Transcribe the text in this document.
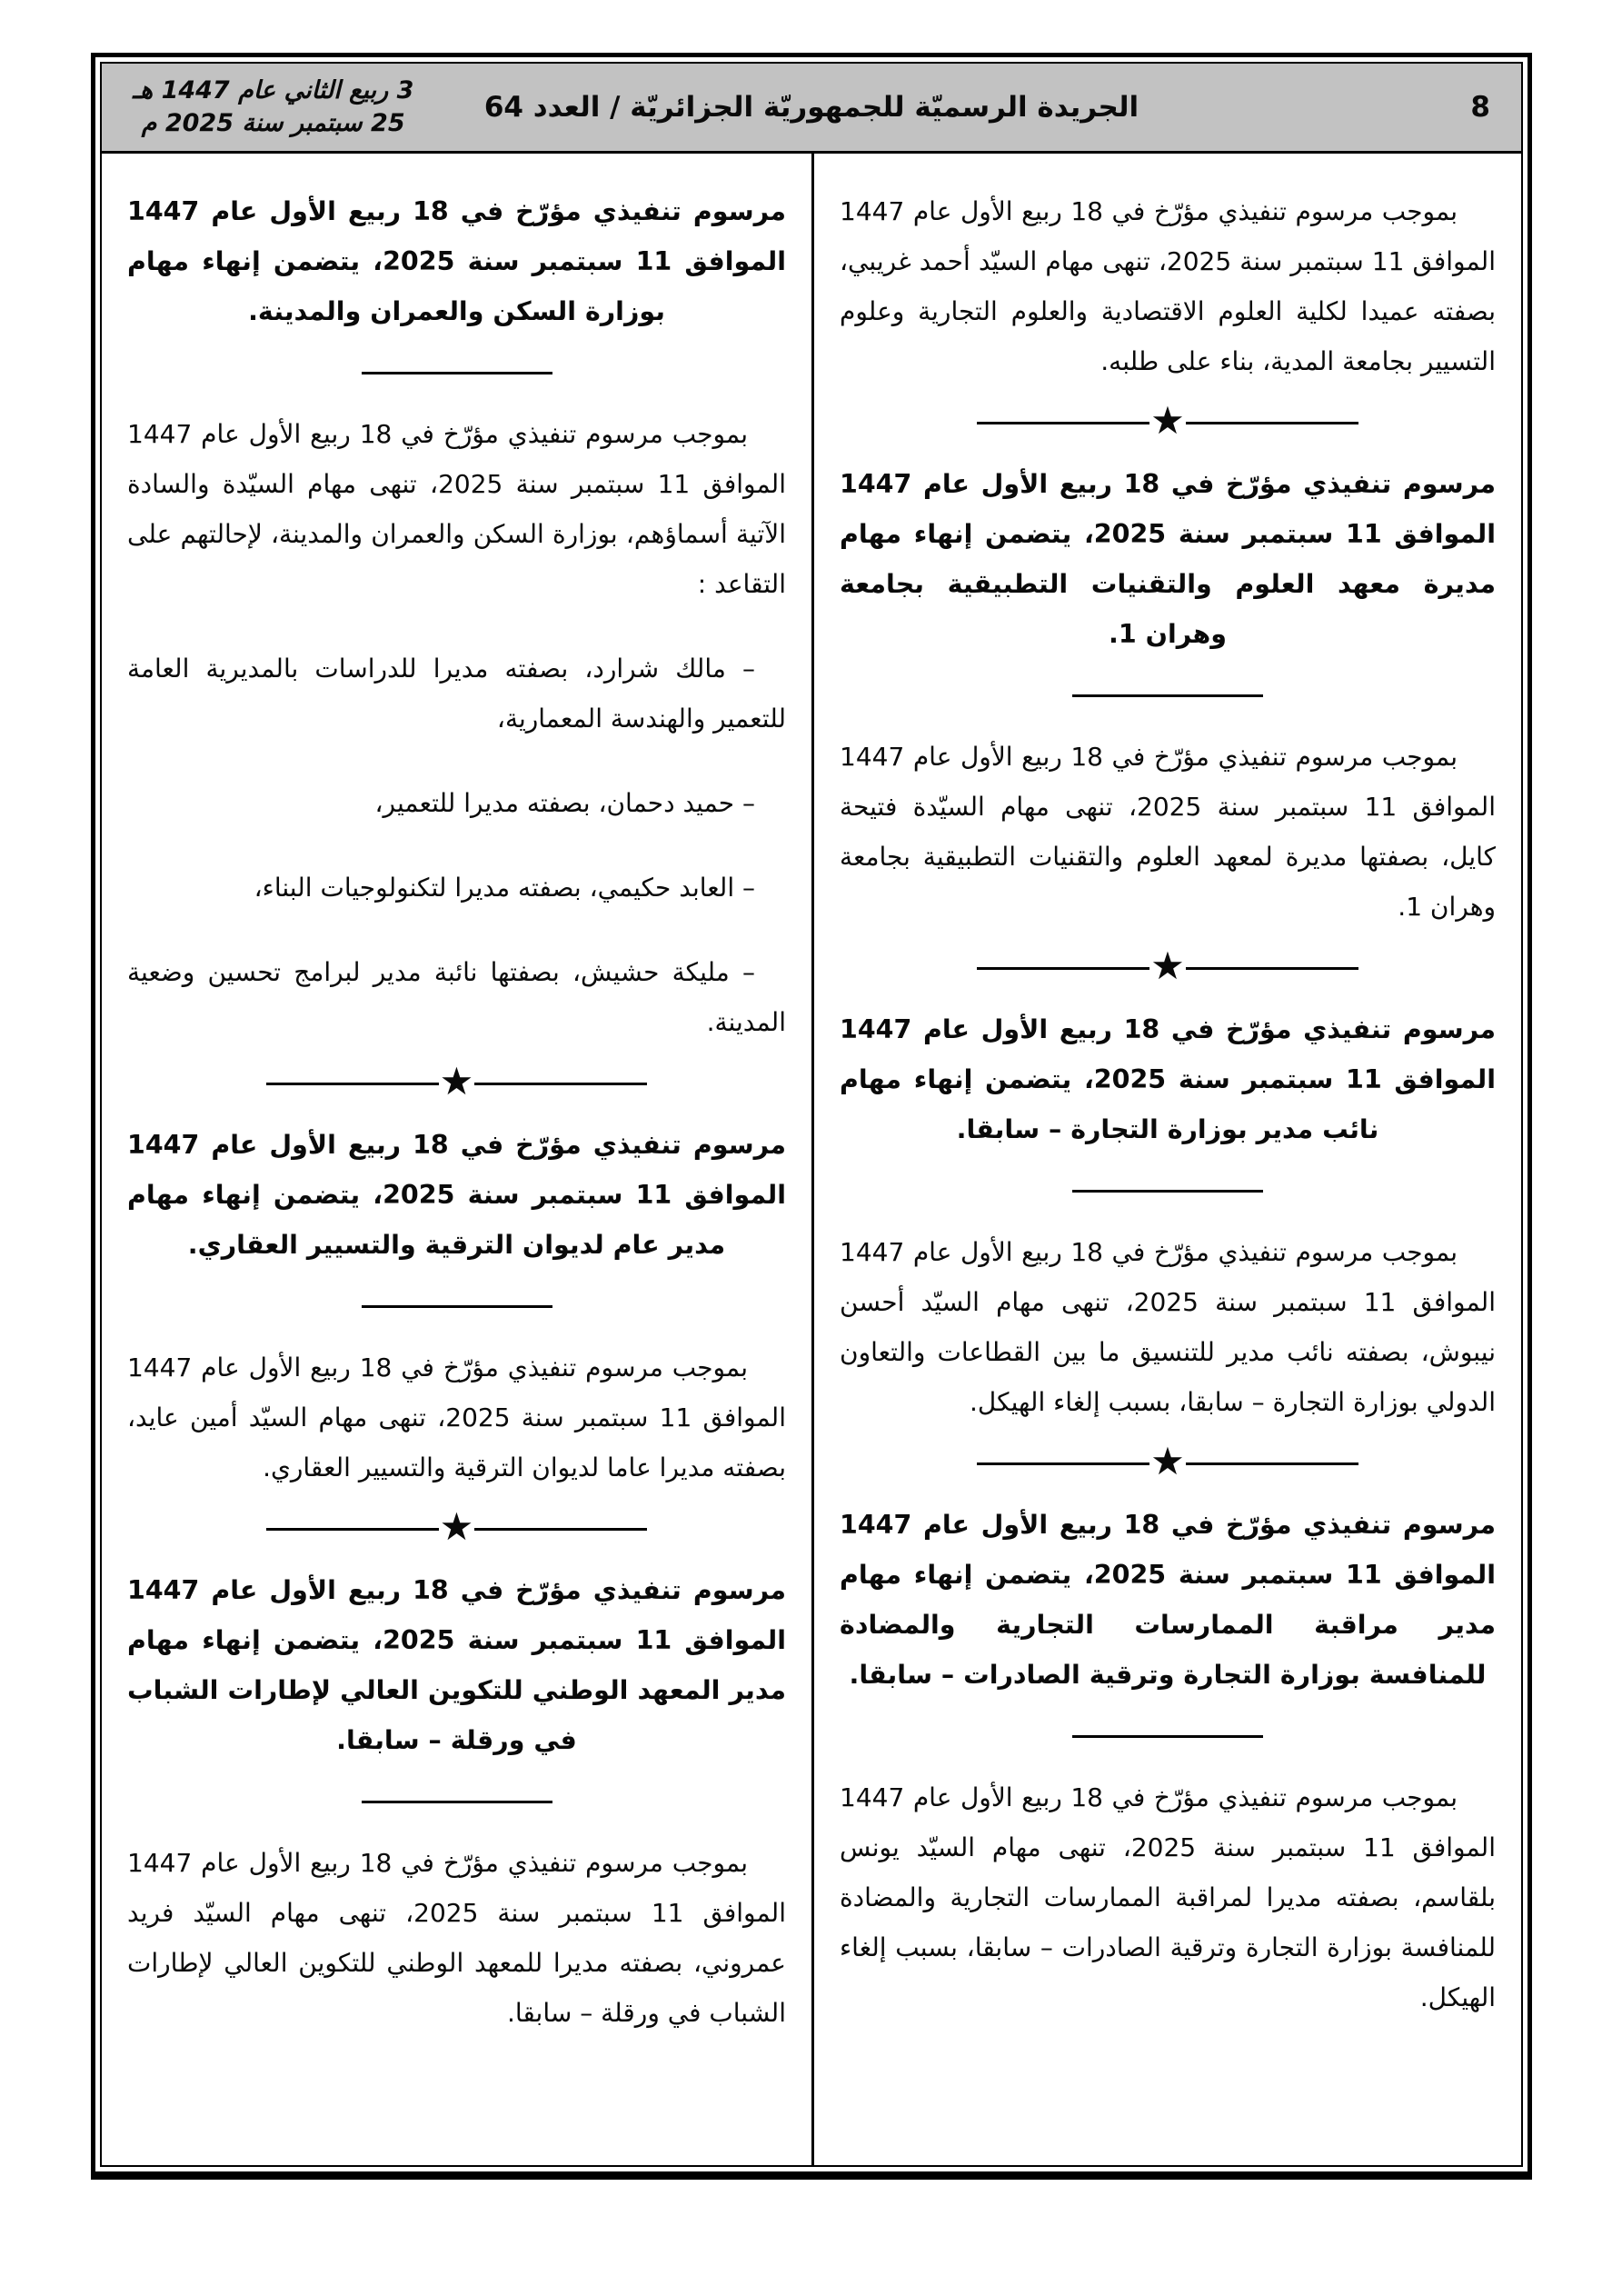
3 ربيع الثاني عام 1447 هـ
25 سبتمبر سنة 2025 م	الجريدة الرسميّة للجمهوريّة الجزائريّة / العدد 64	8

بموجب مرسوم تنفيذي مؤرّخ في 18 ربيع الأول عام 1447 الموافق 11 سبتمبر سنة 2025، تنهى مهام السيّد أحمد غريبي، بصفته عميدا لكلية العلوم الاقتصادية والعلوم التجارية وعلوم التسيير بجامعة المدية، بناء على طلبه.

★

مرسوم تنفيذي مؤرّخ في 18 ربيع الأول عام 1447 الموافق 11 سبتمبر سنة 2025، يتضمن إنهاء مهام مديرة معهد العلوم والتقنيات التطبيقية بجامعة وهران 1.

بموجب مرسوم تنفيذي مؤرّخ في 18 ربيع الأول عام 1447 الموافق 11 سبتمبر سنة 2025، تنهى مهام السيّدة فتيحة كايل، بصفتها مديرة لمعهد العلوم والتقنيات التطبيقية بجامعة وهران 1.

★

مرسوم تنفيذي مؤرّخ في 18 ربيع الأول عام 1447 الموافق 11 سبتمبر سنة 2025، يتضمن إنهاء مهام نائب مدير بوزارة التجارة – سابقا.

بموجب مرسوم تنفيذي مؤرّخ في 18 ربيع الأول عام 1447 الموافق 11 سبتمبر سنة 2025، تنهى مهام السيّد أحسن نيبوش، بصفته نائب مدير للتنسيق ما بين القطاعات والتعاون الدولي بوزارة التجارة – سابقا، بسبب إلغاء الهيكل.

★

مرسوم تنفيذي مؤرّخ في 18 ربيع الأول عام 1447 الموافق 11 سبتمبر سنة 2025، يتضمن إنهاء مهام مدير مراقبة الممارسات التجارية والمضادة للمنافسة بوزارة التجارة وترقية الصادرات – سابقا.

بموجب مرسوم تنفيذي مؤرّخ في 18 ربيع الأول عام 1447 الموافق 11 سبتمبر سنة 2025، تنهى مهام السيّد يونس بلقاسم، بصفته مديرا لمراقبة الممارسات التجارية والمضادة للمنافسة بوزارة التجارة وترقية الصادرات – سابقا، بسبب إلغاء الهيكل.

مرسوم تنفيذي مؤرّخ في 18 ربيع الأول عام 1447 الموافق 11 سبتمبر سنة 2025، يتضمن إنهاء مهام بوزارة السكن والعمران والمدينة.

بموجب مرسوم تنفيذي مؤرّخ في 18 ربيع الأول عام 1447 الموافق 11 سبتمبر سنة 2025، تنهى مهام السيّدة والسادة الآتية أسماؤهم، بوزارة السكن والعمران والمدينة، لإحالتهم على التقاعد :

– مالك شرارد، بصفته مديرا للدراسات بالمديرية العامة للتعمير والهندسة المعمارية،

– حميد دحمان، بصفته مديرا للتعمير،

– العابد حكيمي، بصفته مديرا لتكنولوجيات البناء،

– مليكة حشيش، بصفتها نائبة مدير لبرامج تحسين وضعية المدينة.

★

مرسوم تنفيذي مؤرّخ في 18 ربيع الأول عام 1447 الموافق 11 سبتمبر سنة 2025، يتضمن إنهاء مهام مدير عام لديوان الترقية والتسيير العقاري.

بموجب مرسوم تنفيذي مؤرّخ في 18 ربيع الأول عام 1447 الموافق 11 سبتمبر سنة 2025، تنهى مهام السيّد أمين عايد، بصفته مديرا عاما لديوان الترقية والتسيير العقاري.

★

مرسوم تنفيذي مؤرّخ في 18 ربيع الأول عام 1447 الموافق 11 سبتمبر سنة 2025، يتضمن إنهاء مهام مدير المعهد الوطني للتكوين العالي لإطارات الشباب في ورقلة – سابقا.

بموجب مرسوم تنفيذي مؤرّخ في 18 ربيع الأول عام 1447 الموافق 11 سبتمبر سنة 2025، تنهى مهام السيّد فريد عمروني، بصفته مديرا للمعهد الوطني للتكوين العالي لإطارات الشباب في ورقلة – سابقا.
